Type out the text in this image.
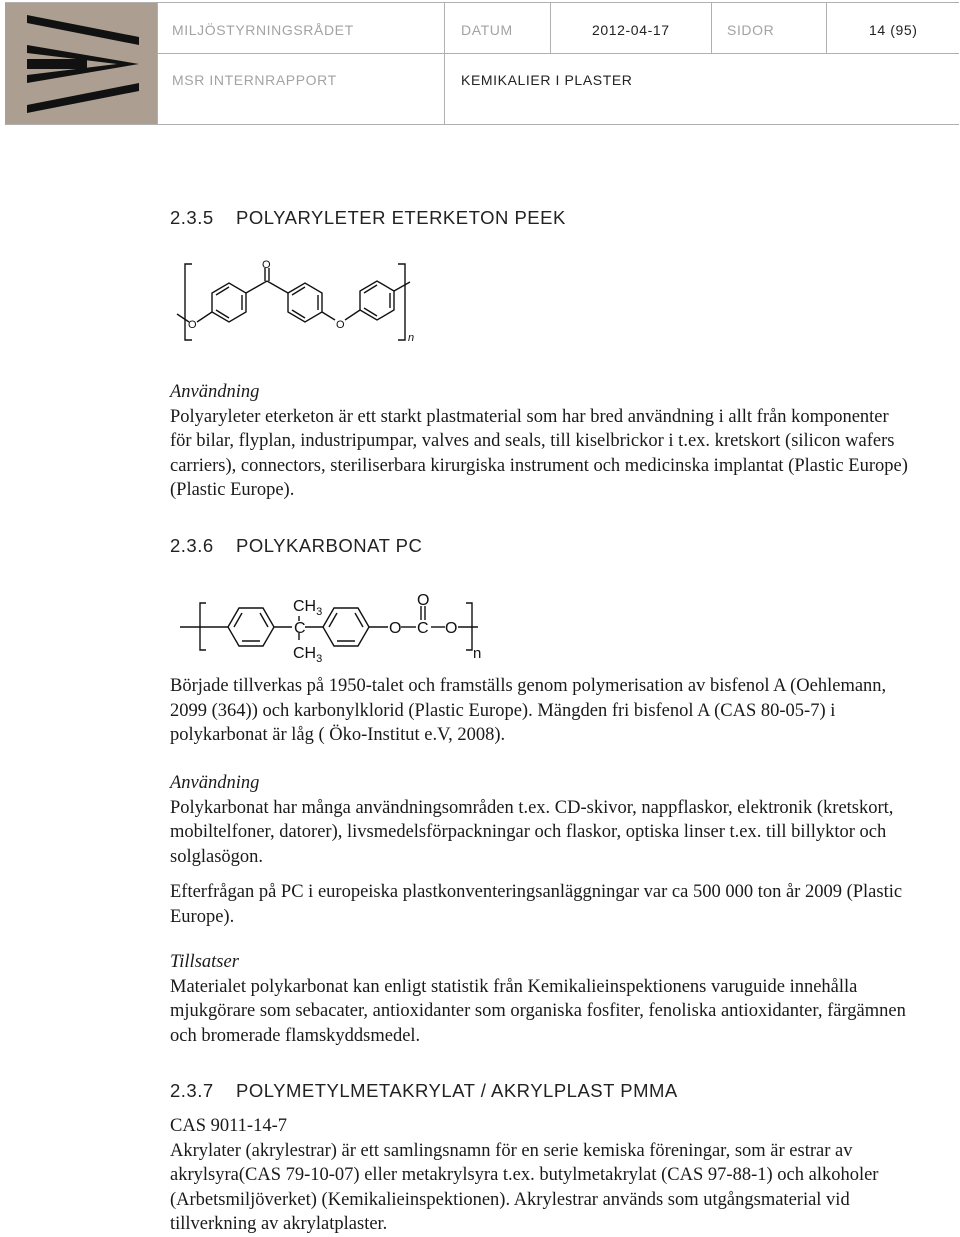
MILJÖSTYRNINGSRÅDET	DATUM	2012-04-17	SIDOR	14 (95)
MSR INTERNRAPPORT	KEMIKALIER I PLASTER
2.3.5 POLYARYLETER ETERKETON PEEK
O
O	O
n

Användning

Polyaryleter eterketon är ett starkt plastmaterial som har bred användning i allt från komponenter för bilar, flyplan, industripumpar, valves and seals, till kiselbrickor i t.ex. kretskort (silicon wafers carriers), connectors, steriliserbara kirurgiska instrument och medicinska implantat (Plastic Europe) (Plastic Europe).

2.3.6 POLYKARBONAT PC
$CH_3$
C
$CH_3$
O
O
C O
n

Började tillverkas på 1950-talet och framställs genom polymerisation av bisfenol A (Oehlemann, 2099 (364)) och karbonylklorid (Plastic Europe). Mängden fri bisfenol A (CAS 80-05-7) i polykarbonat är låg ( Öko-Institut e.V, 2008).

Användning

Polykarbonat har många användningsområden t.ex. CD-skivor, nappflaskor, elektronik (kretskort, mobiltelfoner, datorer), livsmedelsförpackningar och flaskor, optiska linser t.ex. till billyktor och solglasögon.

Efterfrågan på PC i europeiska plastkonventeringsanläggningar var ca 500 000 ton år 2009 (Plastic Europe).

Tillsatser

Materialet polykarbonat kan enligt statistik från Kemikalieinspektionens varuguide innehålla mjukgörare som sebacater, antioxidanter som organiska fosfiter, fenoliska antioxidanter, färgämnen och bromerade flamskyddsmedel.

2.3.7 POLYMETYLMETAKRYLAT / AKRYLPLAST PMMA

CAS 9011-14-7

Akrylater (akrylestrar) är ett samlingsnamn för en serie kemiska föreningar, som är estrar av akrylsyra(CAS 79-10-07) eller metakrylsyra t.ex. butylmetakrylat (CAS 97-88-1) och alkoholer (Arbetsmiljöverket) (Kemikalieinspektionen). Akrylestrar används som utgångsmaterial vid tillverkning av akrylatplaster.
